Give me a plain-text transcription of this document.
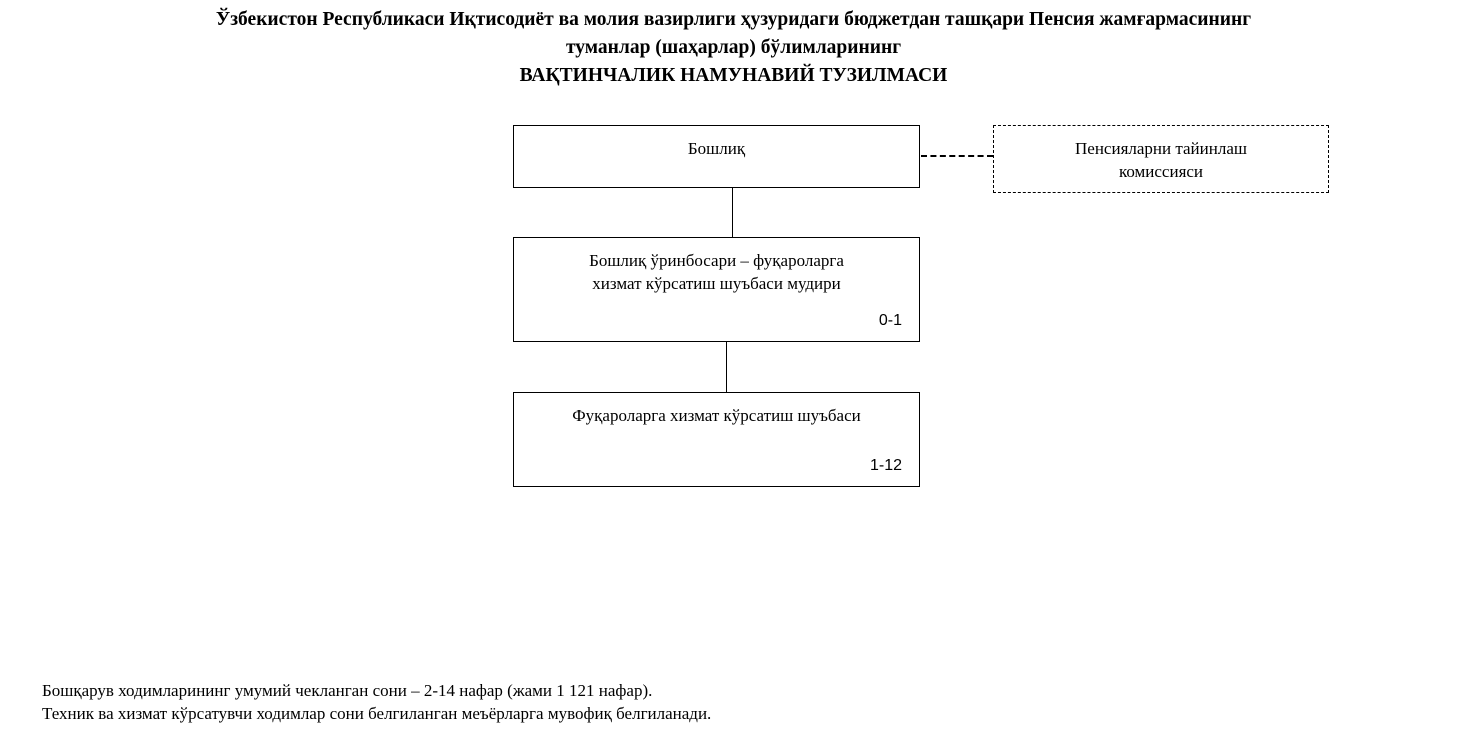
Ўзбекистон Республикаси Иқтисодиёт ва молия вазирлиги ҳузуридаги бюджетдан ташқари Пенсия жамғармасининг
туманлар (шаҳарлар) бўлимларининг
ВАҚТИНЧАЛИК НАМУНАВИЙ ТУЗИЛМАСИ
Бошлиқ	Пенсияларни тайинлаш
комиссияси
Бошлиқ ўринбосари – фуқароларга
хизмат кўрсатиш шуъбаси мудири
0-1
Фуқароларга хизмат кўрсатиш шуъбаси
1-12
Бошқарув ходимларининг умумий чекланган сони – 2-14 нафар (жами 1 121 нафар).
Техник ва хизмат кўрсатувчи ходимлар сони белгиланган меъёрларга мувофиқ белгиланади.
